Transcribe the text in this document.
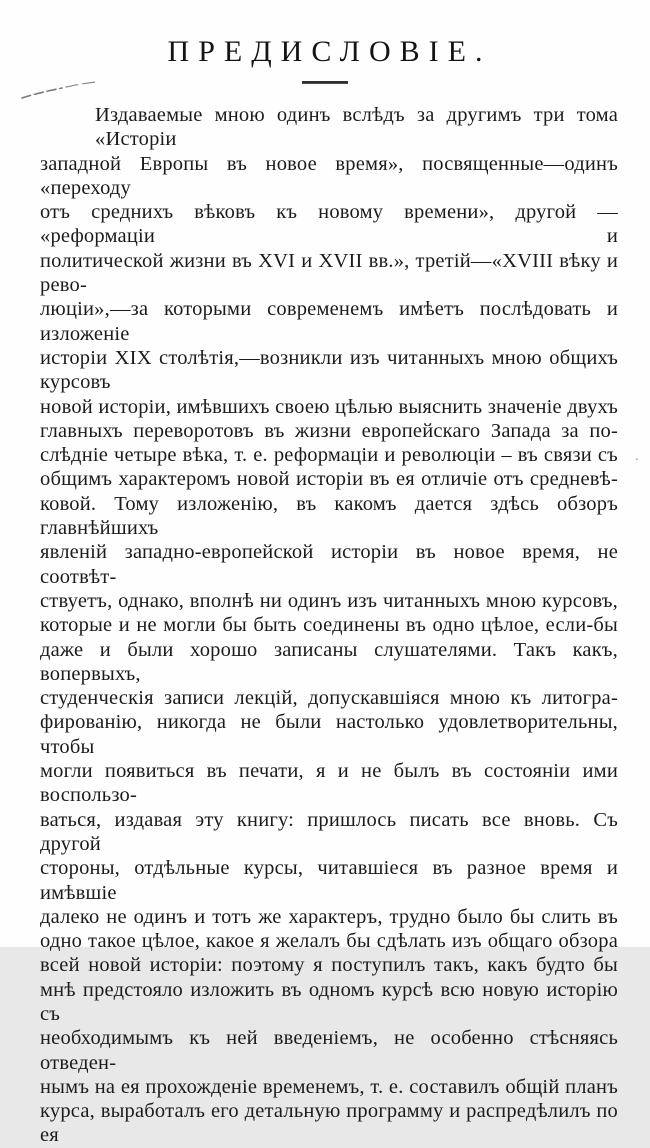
˳
ПРЕДИСЛОВІЕ.
Издаваемые мною одинъ вслѣдъ за другимъ три тома «Исторіи
западной Европы въ новое время», посвященные—одинъ «переходу
отъ среднихъ вѣковъ къ новому времени», другой — «реформаціи и
политической жизни въ XVI и XVII вв.», третій—«XVIII вѣку и рево-
люціи»,—за которыми современемъ имѣетъ послѣдовать и изложеніе
исторіи XIX столѣтія,—возникли изъ читанныхъ мною общихъ курсовъ
новой исторіи, имѣвшихъ своею цѣлью выяснить значеніе двухъ
главныхъ переворотовъ въ жизни европейскаго Запада за по-
слѣдніе четыре вѣка, т. е. реформаціи и революціи – въ связи съ
общимъ характеромъ новой исторіи въ ея отличіе отъ средневѣ-
ковой. Тому изложенію, въ какомъ дается здѣсь обзоръ главнѣйшихъ
явленій западно-европейской исторіи въ новое время, не соотвѣт-
ствуетъ, однако, вполнѣ ни одинъ изъ читанныхъ мною курсовъ,
которые и не могли бы быть соединены въ одно цѣлое, если-бы
даже и были хорошо записаны слушателями. Такъ какъ, вопервыхъ,
студенческія записи лекцій, допускавшіяся мною къ литогра-
фированію, никогда не были настолько удовлетворительны, чтобы
могли появиться въ печати, я и не былъ въ состояніи ими воспользо-
ваться, издавая эту книгу: пришлось писать все вновь. Съ другой
стороны, отдѣльные курсы, читавшіеся въ разное время и имѣвшіе
далеко не одинъ и тотъ же характеръ, трудно было бы слить въ
одно такое цѣлое, какое я желалъ бы сдѣлать изъ общаго обзора
всей новой исторіи: поэтому я поступилъ такъ, какъ будто бы
мнѣ предстояло изложить въ одномъ курсѣ всю новую исторію съ
необходимымъ къ ней введеніемъ, не особенно стѣсняясь отведен-
нымъ на ея прохожденіе временемъ, т. е. составилъ общій планъ
курса, выработалъ его детальную программу и распредѣлилъ по ея
